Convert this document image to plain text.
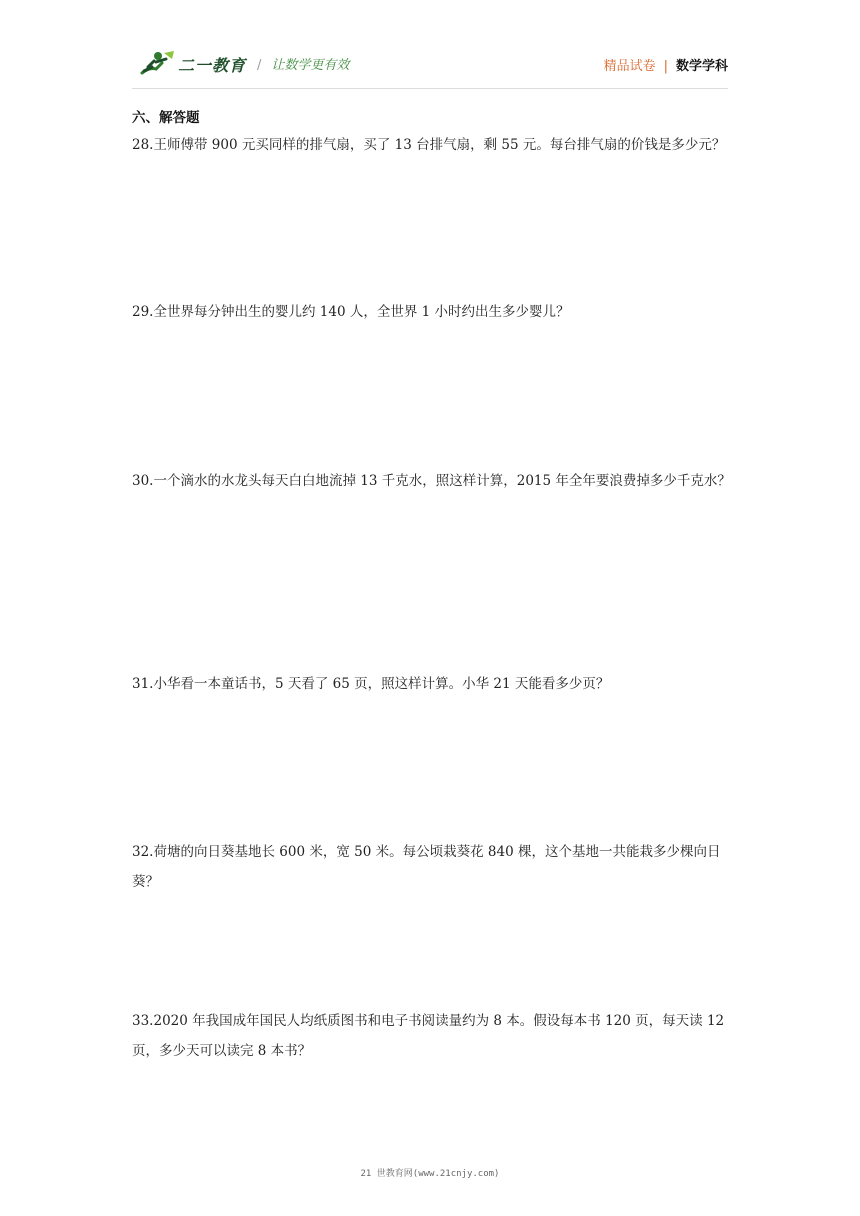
二一教育 / 让数学更有效	精品试卷 | 数学学科
六、解答题
28.王师傅带 900 元买同样的排气扇，买了 13 台排气扇，剩 55 元。每台排气扇的价钱是多少元？
29.全世界每分钟出生的婴儿约 140 人，全世界 1 小时约出生多少婴儿？
30.一个滴水的水龙头每天白白地流掉 13 千克水，照这样计算，2015 年全年要浪费掉多少千克水？
31.小华看一本童话书，5 天看了 65 页，照这样计算。小华 21 天能看多少页？
32.荷塘的向日葵基地长 600 米，宽 50 米。每公顷栽葵花 840 棵，这个基地一共能栽多少棵向日葵？
33.2020 年我国成年国民人均纸质图书和电子书阅读量约为 8 本。假设每本书 120 页，每天读 12 页，多少天可以读完 8 本书？
21 世教育网(www.21cnjy.com)
